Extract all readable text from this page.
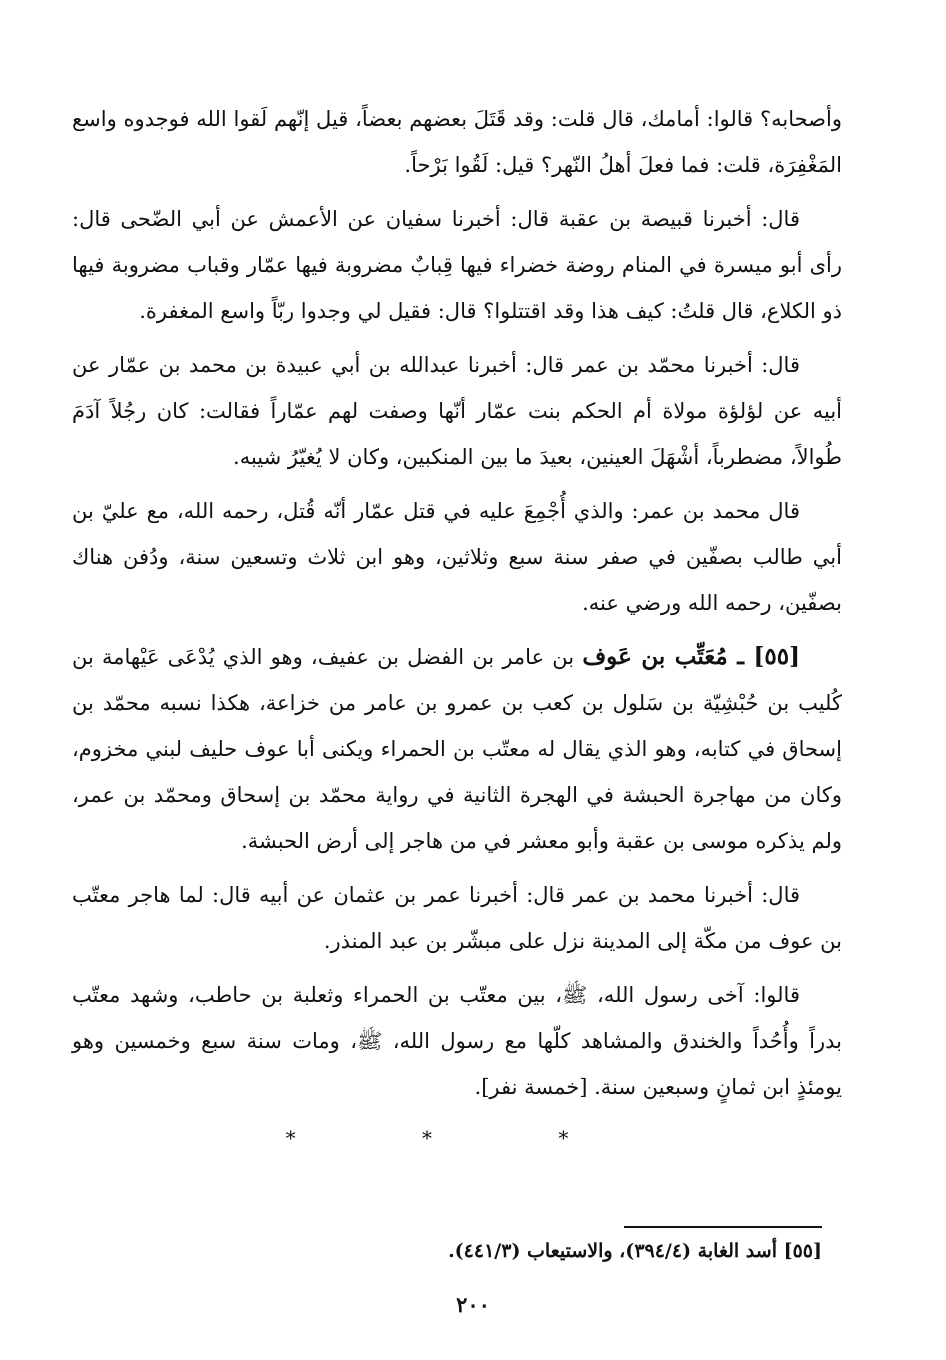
وأصحابه؟ قالوا: أمامك، قال قلت: وقد قَتَلَ بعضهم بعضاً، قيل إنّهم لَقوا الله فوجدوه واسع المَغْفِرَة، قلت: فما فعلَ أهلُ النّهر؟ قيل: لَقُوا بَرْحاً.

قال: أخبرنا قبيصة بن عقبة قال: أخبرنا سفيان عن الأعمش عن أبي الضّحى قال: رأى أبو ميسرة في المنام روضة خضراء فيها قِبابٌ مضروبة فيها عمّار وقباب مضروبة فيها ذو الكلاع، قال قلتُ: كيف هذا وقد اقتتلوا؟ قال: فقيل لي وجدوا ربّاً واسع المغفرة.

قال: أخبرنا محمّد بن عمر قال: أخبرنا عبدالله بن أبي عبيدة بن محمد بن عمّار عن أبيه عن لؤلؤة مولاة أم الحكم بنت عمّار أنّها وصفت لهم عمّاراً فقالت: كان رجُلاً آدَمَ طُوالاً، مضطرباً، أشْهَلَ العينين، بعيدَ ما بين المنكبين، وكان لا يُغيّرُ شيبه.

قال محمد بن عمر: والذي أُجْمِعَ عليه في قتل عمّار أنّه قُتل، رحمه الله، مع عليّ بن أبي طالب بصفّين في صفر سنة سبع وثلاثين، وهو ابن ثلاث وتسعين سنة، ودُفن هناك بصفّين، رحمه الله ورضي عنه.

[٥٥] ـ مُعَتِّب بن عَوف بن عامر بن الفضل بن عفيف، وهو الذي يُدْعَى عَيْهامة بن كُليب بن حُبْشِيّة بن سَلول بن كعب بن عمرو بن عامر من خزاعة، هكذا نسبه محمّد بن إسحاق في كتابه، وهو الذي يقال له معتّب بن الحمراء ويكنى أبا عوف حليف لبني مخزوم، وكان من مهاجرة الحبشة في الهجرة الثانية في رواية محمّد بن إسحاق ومحمّد بن عمر، ولم يذكره موسى بن عقبة وأبو معشر في من هاجر إلى أرض الحبشة.

قال: أخبرنا محمد بن عمر قال: أخبرنا عمر بن عثمان عن أبيه قال: لما هاجر معتّب بن عوف من مكّة إلى المدينة نزل على مبشّر بن عبد المنذر.

قالوا: آخى رسول الله، ﷺ، بين معتّب بن الحمراء وثعلبة بن حاطب، وشهد معتّب بدراً وأُحُداً والخندق والمشاهد كلّها مع رسول الله، ﷺ، ومات سنة سبع وخمسين وهو يومئذٍ ابن ثمانٍ وسبعين سنة. [خمسة نفر].

* * *
[٥٥] أسد الغابة (٣٩٤/٤)، والاستيعاب (٤٤١/٣).
٢٠٠
